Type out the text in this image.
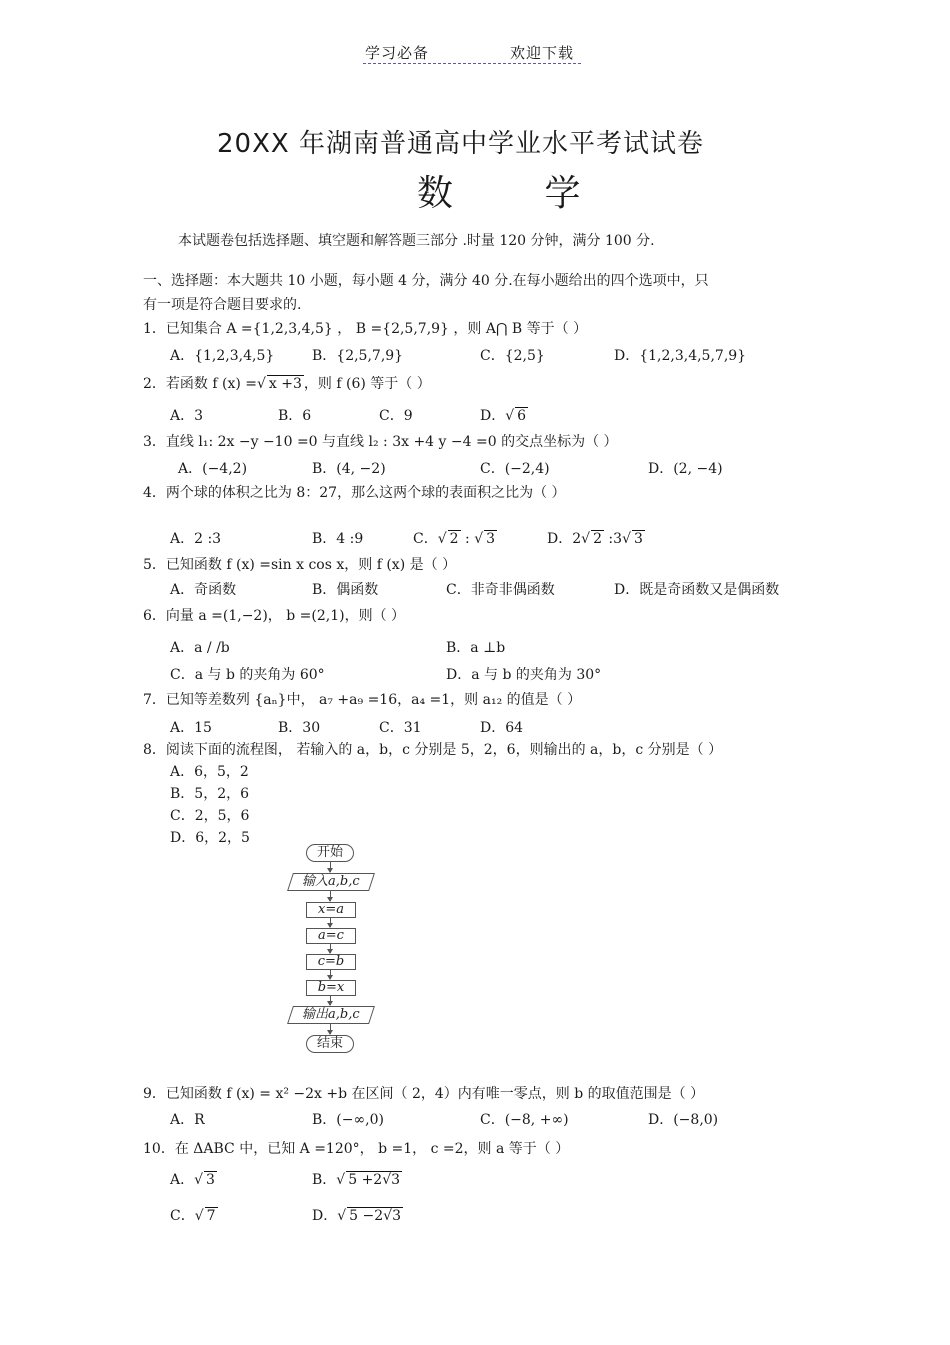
学习必备	欢迎下载
20XX 年湖南普通高中学业水平考试试卷
数 学
本试题卷包括选择题、填空题和解答题三部分 .时量 120 分钟，满分 100 分.
一、选择题：本大题共 10 小题，每小题 4 分，满分 40 分.在每小题给出的四个选项中，只
有一项是符合题目要求的.
1．已知集合 A ={1,2,3,4,5} ， B ={2,5,7,9} ，则 A⋂ B 等于（ ）
A．{1,2,3,4,5}	B．{2,5,7,9}	C．{2,5}	D．{1,2,3,4,5,7,9}
2．若函数 f (x) = √ x +3 ，则 f (6) 等于（ ）
A．3	B．6	C．9	D． √ 6
3．直线 l₁: 2x −y −10 =0 与直线 l₂ : 3x +4 y −4 =0 的交点坐标为（ ）
A．(−4,2)	B．(4, −2)	C．(−2,4)	D．(2, −4)
4．两个球的体积之比为 8：27，那么这两个球的表面积之比为（ ）
A．2 :3	B．4 :9	C． √ 2 : √ 3	D．2 √ 2 :3 √ 3
5．已知函数 f (x) =sin x cos x，则 f (x) 是（ ）
A．奇函数	B．偶函数	C．非奇非偶函数	D．既是奇函数又是偶函数
6．向量 a =(1,−2)， b =(2,1)，则（ ）
A．a / /b	B．a ⊥b
C．a 与 b 的夹角为 60°	D．a 与 b 的夹角为 30°
7．已知等差数列 {aₙ}中， a₇ +a₉ =16，a₄ =1，则 a₁₂ 的值是（ ）
A．15	B．30	C．31	D．64
8．阅读下面的流程图， 若输入的 a，b，c 分别是 5，2，6，则输出的 a，b，c 分别是（ ）
A．6，5，2
B．5，2，6
C．2，5，6
D．6，2，5
开始
输入a,b,c
x=a
a=c
c=b
b=x
输出a,b,c
结束
9．已知函数 f (x) = x² −2x +b 在区间（ 2，4）内有唯一零点，则 b 的取值范围是（ ）
A．R	B．(−∞,0)	C．(−8, +∞)	D．(−8,0)
10．在 ΔABC 中，已知 A =120°， b =1， c =2，则 a 等于（ ）
A． √ 3	B． √ 5 +2√3
C． √ 7	D． √ 5 −2√3
